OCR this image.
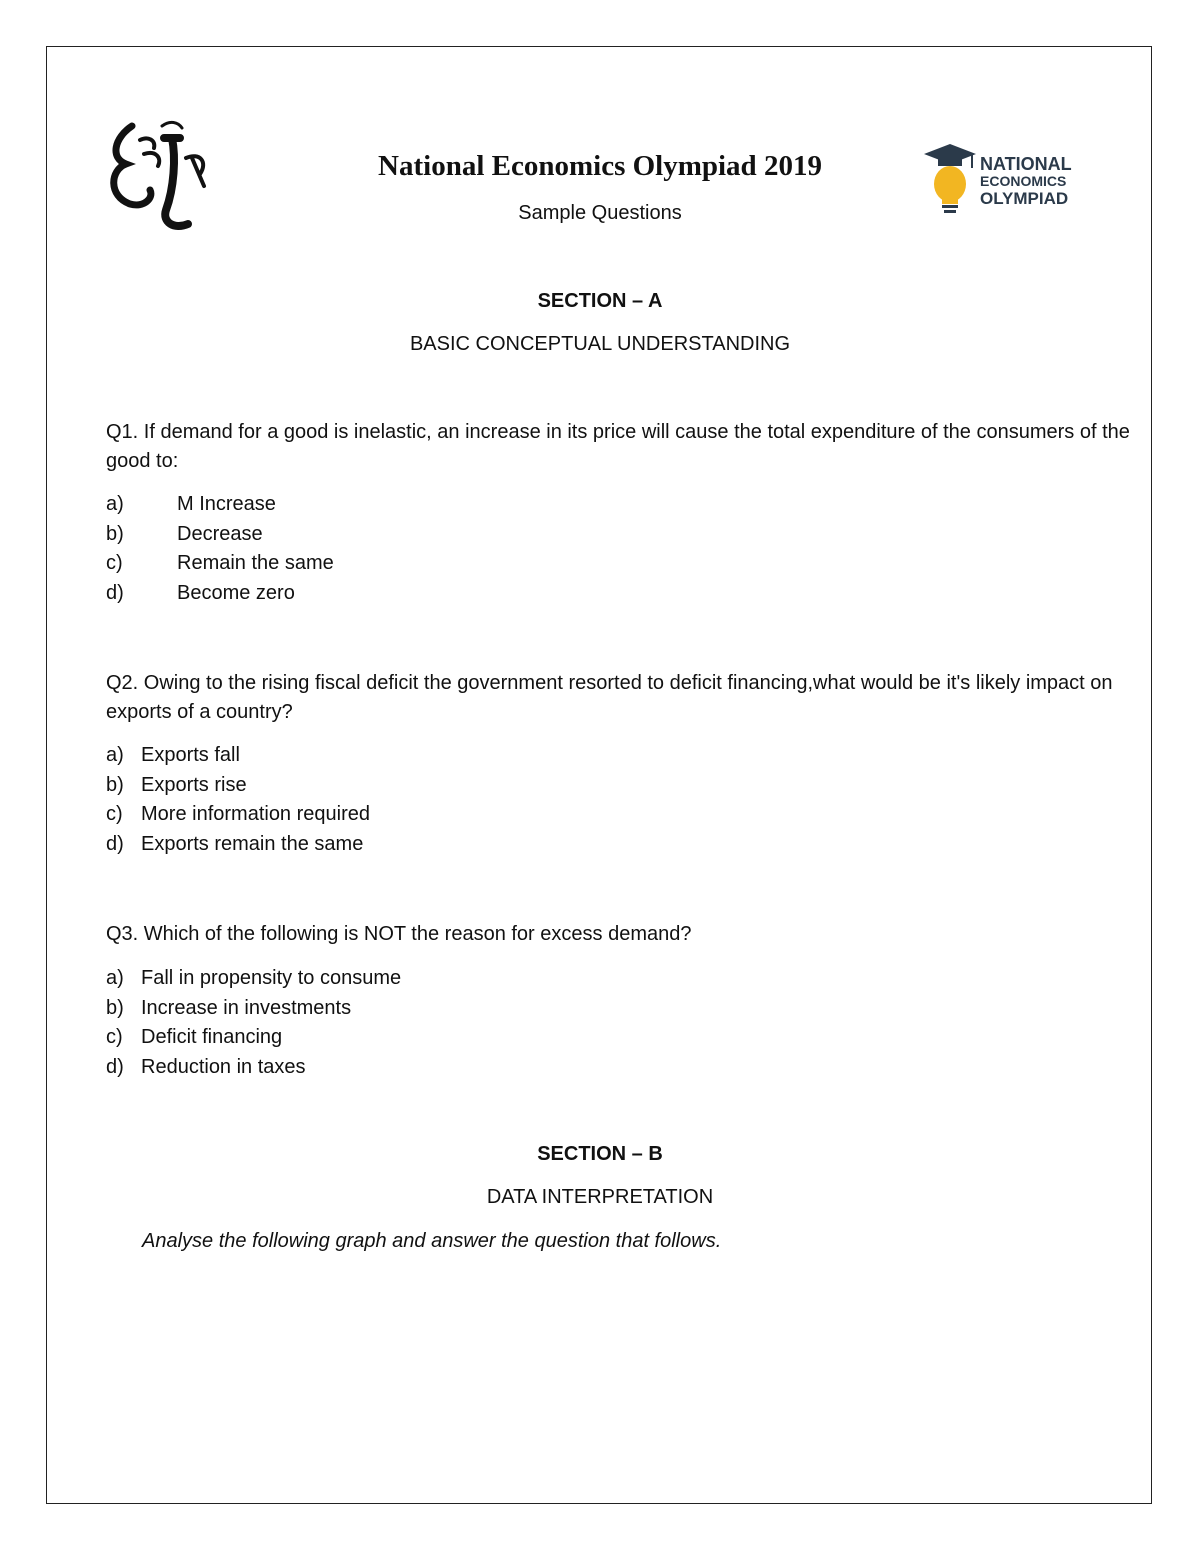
National Economics Olympiad 2019
Sample Questions
NATIONAL
ECONOMICS
OLYMPIAD
SECTION – A
BASIC CONCEPTUAL UNDERSTANDING
Q1. If demand for a good is inelastic, an increase in its price will cause the total expenditure of the consumers of the good to:
a)	M Increase
b)	Decrease
c)	Remain the same
d)	Become zero
Q2. Owing to the rising fiscal deficit the government resorted to deficit financing,what would be it's likely impact on exports of a country?
a) Exports fall
b) Exports rise
c) More information required
d) Exports remain the same
Q3. Which of the following is NOT the reason for excess demand?
a) Fall in propensity to consume
b) Increase in investments
c) Deficit financing
d) Reduction in taxes
SECTION – B
DATA INTERPRETATION
Analyse the following graph and answer the question that follows.
